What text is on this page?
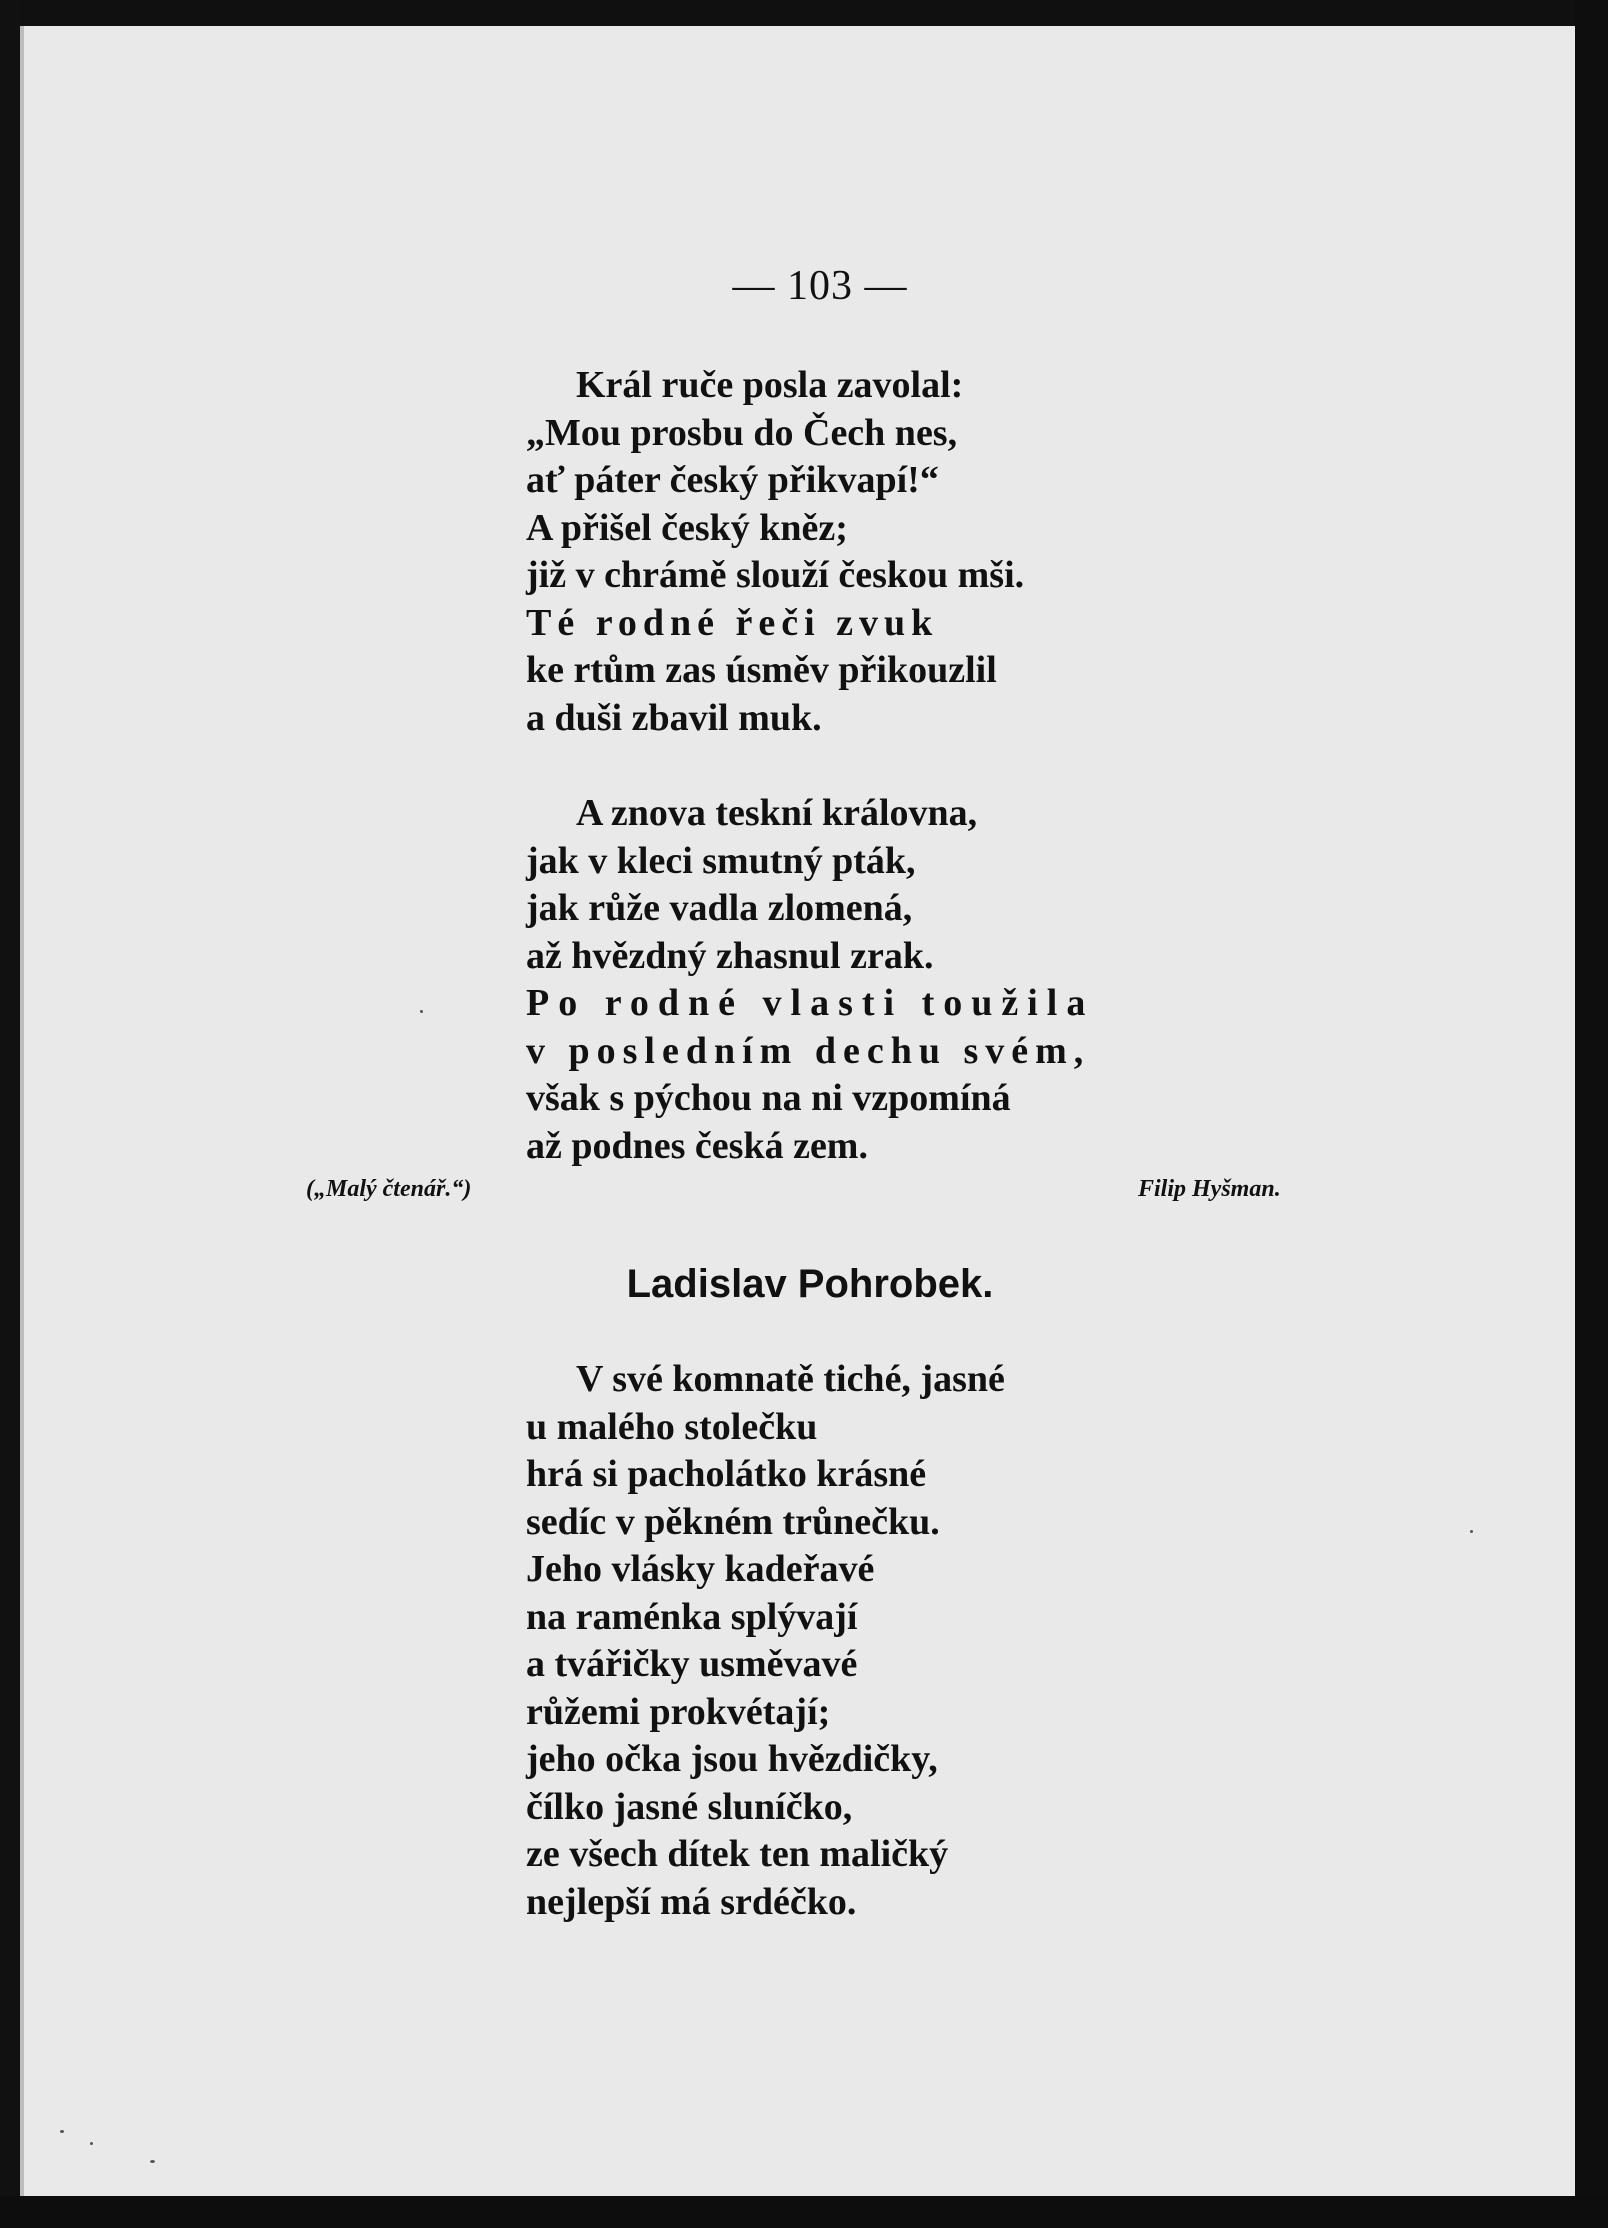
— 103 —
Král ruče posla zavolal:
„Mou prosbu do Čech nes,
ať páter český přikvapí!“
A přišel český kněz;
již v chrámě slouží českou mši.
Té rodné řeči zvuk
ke rtům zas úsměv přikouzlil
a duši zbavil muk.
A znova teskní královna,
jak v kleci smutný pták,
jak růže vadla zlomená,
až hvězdný zhasnul zrak.
Po rodné vlasti toužila
v posledním dechu svém,
však s pýchou na ni vzpomíná
až podnes česká zem.
(„Malý čtenář.“)	Filip Hyšman.
Ladislav Pohrobek.
V své komnatě tiché, jasné
u malého stolečku
hrá si pacholátko krásné
sedíc v pěkném trůnečku.
Jeho vlásky kadeřavé
na raménka splývají
a tvářičky usměvavé
růžemi prokvétají;
jeho očka jsou hvězdičky,
čílko jasné sluníčko,
ze všech dítek ten maličký
nejlepší má srdéčko.
